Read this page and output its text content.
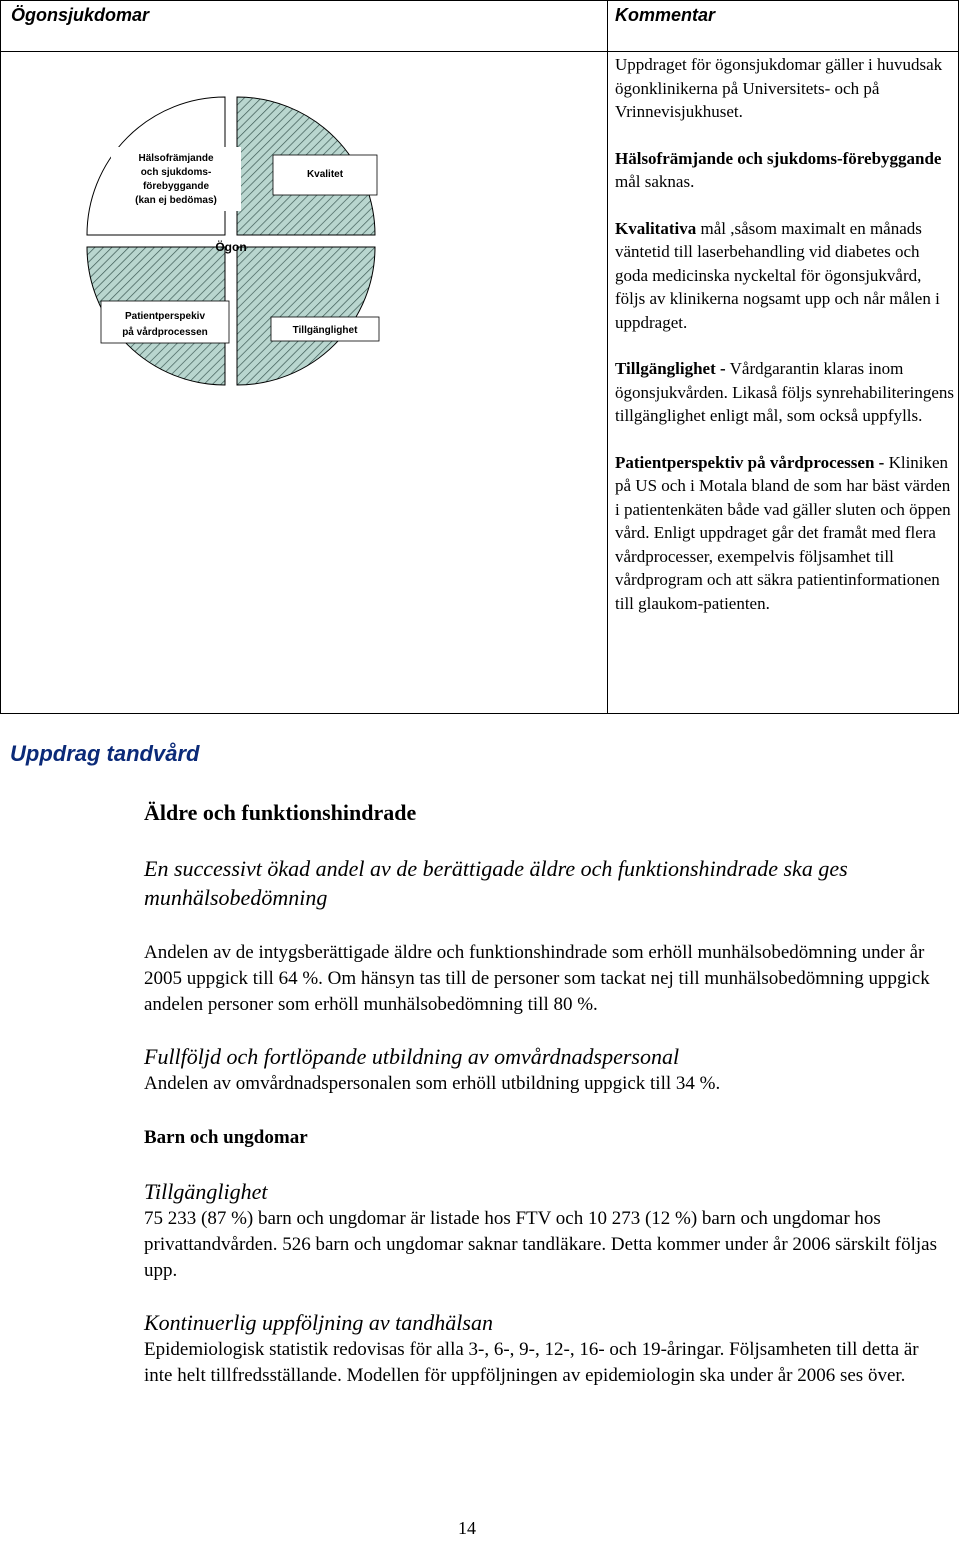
Ögonsjukdomar	Kommentar
Hälsofrämjande
och sjukdoms-
förebyggande
(kan ej bedömas)
Kvalitet
Tillgänglighet
Patientperspekiv
på vårdprocessen
Ögon

Uppdraget för ögonsjukdomar gäller i huvudsak ögonklinikerna på Universitets- och på Vrinnevisjukhuset.

Hälsofrämjande och sjukdoms-förebyggande mål saknas.

Kvalitativa mål ,såsom maximalt en månads väntetid till laserbehandling vid diabetes och goda medicinska nyckeltal för ögonsjukvård, följs av klinikerna nogsamt upp och når målen i uppdraget.

Tillgänglighet - Vårdgarantin klaras inom ögonsjukvården. Likaså följs synrehabiliteringens tillgänglighet enligt mål, som också uppfylls.

Patientperspektiv på vårdprocessen - Kliniken på US och i Motala bland de som har bäst värden i patientenkäten både vad gäller sluten och öppen vård. Enligt uppdraget går det framåt med flera vårdprocesser, exempelvis följsamhet till vårdprogram och att säkra patientinformationen till glaukom-patienten.

Uppdrag tandvård

Äldre och funktionshindrade

En successivt ökad andel av de berättigade äldre och funktionshindrade ska ges munhälsobedömning

Andelen av de intygsberättigade äldre och funktionshindrade som erhöll munhälsobedömning under år 2005 uppgick till 64 %. Om hänsyn tas till de personer som tackat nej till munhälsobedömning uppgick andelen personer som erhöll munhälsobedömning till 80 %.

Fullföljd och fortlöpande utbildning av omvårdnadspersonal

Andelen av omvårdnadspersonalen som erhöll utbildning uppgick till 34 %.

Barn och ungdomar

Tillgänglighet

75 233 (87 %) barn och ungdomar är listade hos FTV och 10 273 (12 %) barn och ungdomar hos privattandvården. 526 barn och ungdomar saknar tandläkare. Detta kommer under år 2006 särskilt följas upp.

Kontinuerlig uppföljning av tandhälsan

Epidemiologisk statistik redovisas för alla 3-, 6-, 9-, 12-, 16- och 19-åringar. Följsamheten till detta är inte helt tillfredsställande. Modellen för uppföljningen av epidemiologin ska under år 2006 ses över.

14
